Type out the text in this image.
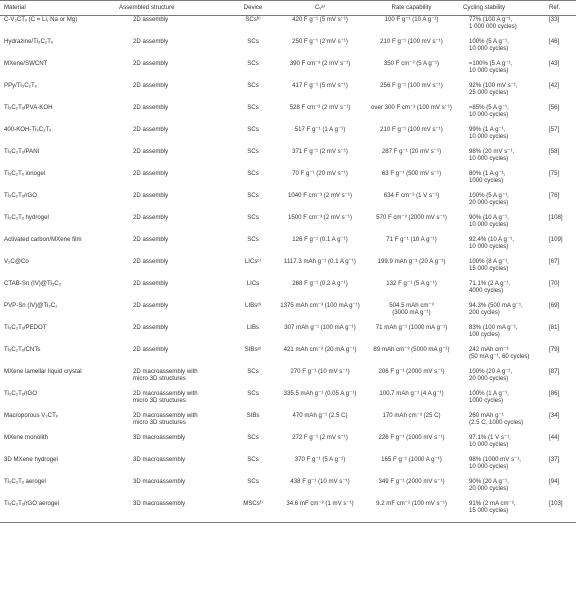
Material	Assembled structure	Device	Cᵥᵃ⁾	Rate capability	Cycling stability	Ref.
C-V₂CTₓ (C = Li, Na or Mg)	2D assembly	SCsᵇ⁾	420 F g⁻¹ (5 mV s⁻¹)	100 F g⁻¹ (10 A g⁻¹)	77% (100 A g⁻¹,
1 000 000 cycles)	[33]
Hydrazine/Ti₃C₂Tₓ	2D assembly	SCs	250 F g⁻¹ (2 mV s⁻¹)	210 F g⁻¹ (100 mV s⁻¹)	100% (5 A g⁻¹,
10 000 cycles)	[46]
MXene/SWCNT	2D assembly	SCs	390 F cm⁻³ (2 mV s⁻¹)	350 F cm⁻³ (5 A g⁻¹)	≈100% (5 A g⁻¹,
10 000 cycles)	[43]
PPy/Ti₃C₂Tₓ	2D assembly	SCs	417 F g⁻¹ (5 mV s⁻¹)	256 F g⁻¹ (100 mV s⁻¹)	92% (100 mV s⁻¹,
25 000 cycles)	[42]
Ti₃C₂Tₓ/PVA-KOH	2D assembly	SCs	528 F cm⁻³ (2 mV s⁻¹)	over 300 F cm⁻³ (100 mV s⁻¹)	≈85% (5 A g⁻¹,
10 000 cycles)	[56]
400-KOH-Ti₃C₂Tₓ	2D assembly	SCs	517 F g⁻¹ (1 A g⁻¹)	210 F g⁻¹ (100 mV s⁻¹)	99% (1 A g⁻¹,
10 000 cycles)	[57]
Ti₃C₂Tₓ/PANI	2D assembly	SCs	371 F g⁻¹ (2 mV s⁻¹)	287 F g⁻¹ (20 mV s⁻¹)	98% (20 mV s⁻¹,
10 000 cycles)	[58]
Ti₃C₂Tₓ ionogel	2D assembly	SCs	70 F g⁻¹ (20 mV s⁻¹)	63 F g⁻¹ (500 mV s⁻¹)	80% (1 A g⁻¹,
1000 cycles)	[75]
Ti₃C₂Tₓ/rGO	2D assembly	SCs	1040 F cm⁻³ (2 mV s⁻¹)	634 F cm⁻³ (1 V s⁻¹)	100% (5 A g⁻¹,
20 000 cycles)	[76]
Ti₃C₂Tₓ hydrogel	2D assembly	SCs	1500 F cm⁻³ (2 mV s⁻¹)	570 F cm⁻³ (2000 mV s⁻¹)	90% (10 A g⁻¹,
10 000 cycles)	[108]
Activated carbon/MXene film	2D assembly	SCs	126 F g⁻¹ (0.1 A g⁻¹)	71 F g⁻¹ (10 A g⁻¹)	92.4% (10 A g⁻¹,
10 000 cycles)	[109]
V₂C@Co	2D assembly	LICsᶜ⁾	1117.3 mAh g⁻¹ (0.1 A g⁻¹)	199.9 mAh g⁻¹ (20 A g⁻¹)	100% (8 A g⁻¹,
15 000 cycles)	[67]
CTAB-Sn (IV)@Ti₃C₂	2D assembly	LICs	268 F g⁻¹ (0.2 A g⁻¹)	132 F g⁻¹ (5 A g⁻¹)	71.1% (2 A g⁻¹,
4000 cycles)	[70]
PVP-Sn (IV)@Ti₃C₂	2D assembly	LIBsᵈ⁾	1375 mAh cm⁻³ (100 mA g⁻¹)	504.5 mAh cm⁻³
(3000 mA g⁻¹)	94.3% (500 mA g⁻¹,
200 cycles)	[69]
Ti₃C₂Tₓ/PEDOT	2D assembly	LIBs	307 mAh g⁻¹ (100 mA g⁻¹)	71 mAh g⁻¹ (1000 mA g⁻¹)	83% (100 mA g⁻¹,
100 cycles)	[81]
Ti₃C₂Tₓ/CNTs	2D assembly	SIBsᵉ⁾	421 mAh cm⁻³ (20 mA g⁻¹)	89 mAh cm⁻³ (5000 mA g⁻¹)	242 mAh cm⁻³
(50 mA g⁻¹, 60 cycles)	[79]
MXene lamellar liquid crystal	2D macroassembly with
micro 3D structures	SCs	270 F g⁻¹ (10 mV s⁻¹)	206 F g⁻¹ (2000 mV s⁻¹)	100% (20 A g⁻¹,
20 000 cycles)	[87]
Ti₃C₂Tₓ/rGO	2D macroassembly with
micro 3D structures	SCs	335.5 mAh g⁻¹ (0.05 A g⁻¹)	100.7 mAh g⁻¹ (4 A g⁻¹)	100% (1 A g⁻¹,
1000 cycles)	[86]
Macroporous V₂CTₓ	2D macroassembly with
micro 3D structures	SIBs	470 mAh g⁻¹ (2.5 C)	170 mAh cm⁻³ (25 C)	260 mAh g⁻¹
(2.5 C, 1000 cycles)	[34]
MXene monolith	3D macroassembly	SCs	272 F g⁻¹ (2 mV s⁻¹)	226 F g⁻¹ (1000 mV s⁻¹)	97.1% (1 V s⁻¹,
10 000 cycles)	[44]
3D MXene hydrogel	3D macroassembly	SCs	370 F g⁻¹ (5 A g⁻¹)	165 F g⁻¹ (1000 A g⁻¹)	98% (1000 mV s⁻¹,
10 000 cycles)	[37]
Ti₃C₂Tₓ aerogel	3D macroassembly	SCs	438 F g⁻¹ (10 mV s⁻¹)	349 F g⁻¹ (2000 mV s⁻¹)	90% (20 A g⁻¹,
20 000 cycles)	[94]
Ti₃C₂Tₓ/rGO aerogel	3D macroassembly	MSCsᶠ⁾	34.6 mF cm⁻² (1 mV s⁻¹)	9.2 mF cm⁻² (100 mV s⁻¹)	91% (2 mA cm⁻²,
15 000 cycles)	[103]
